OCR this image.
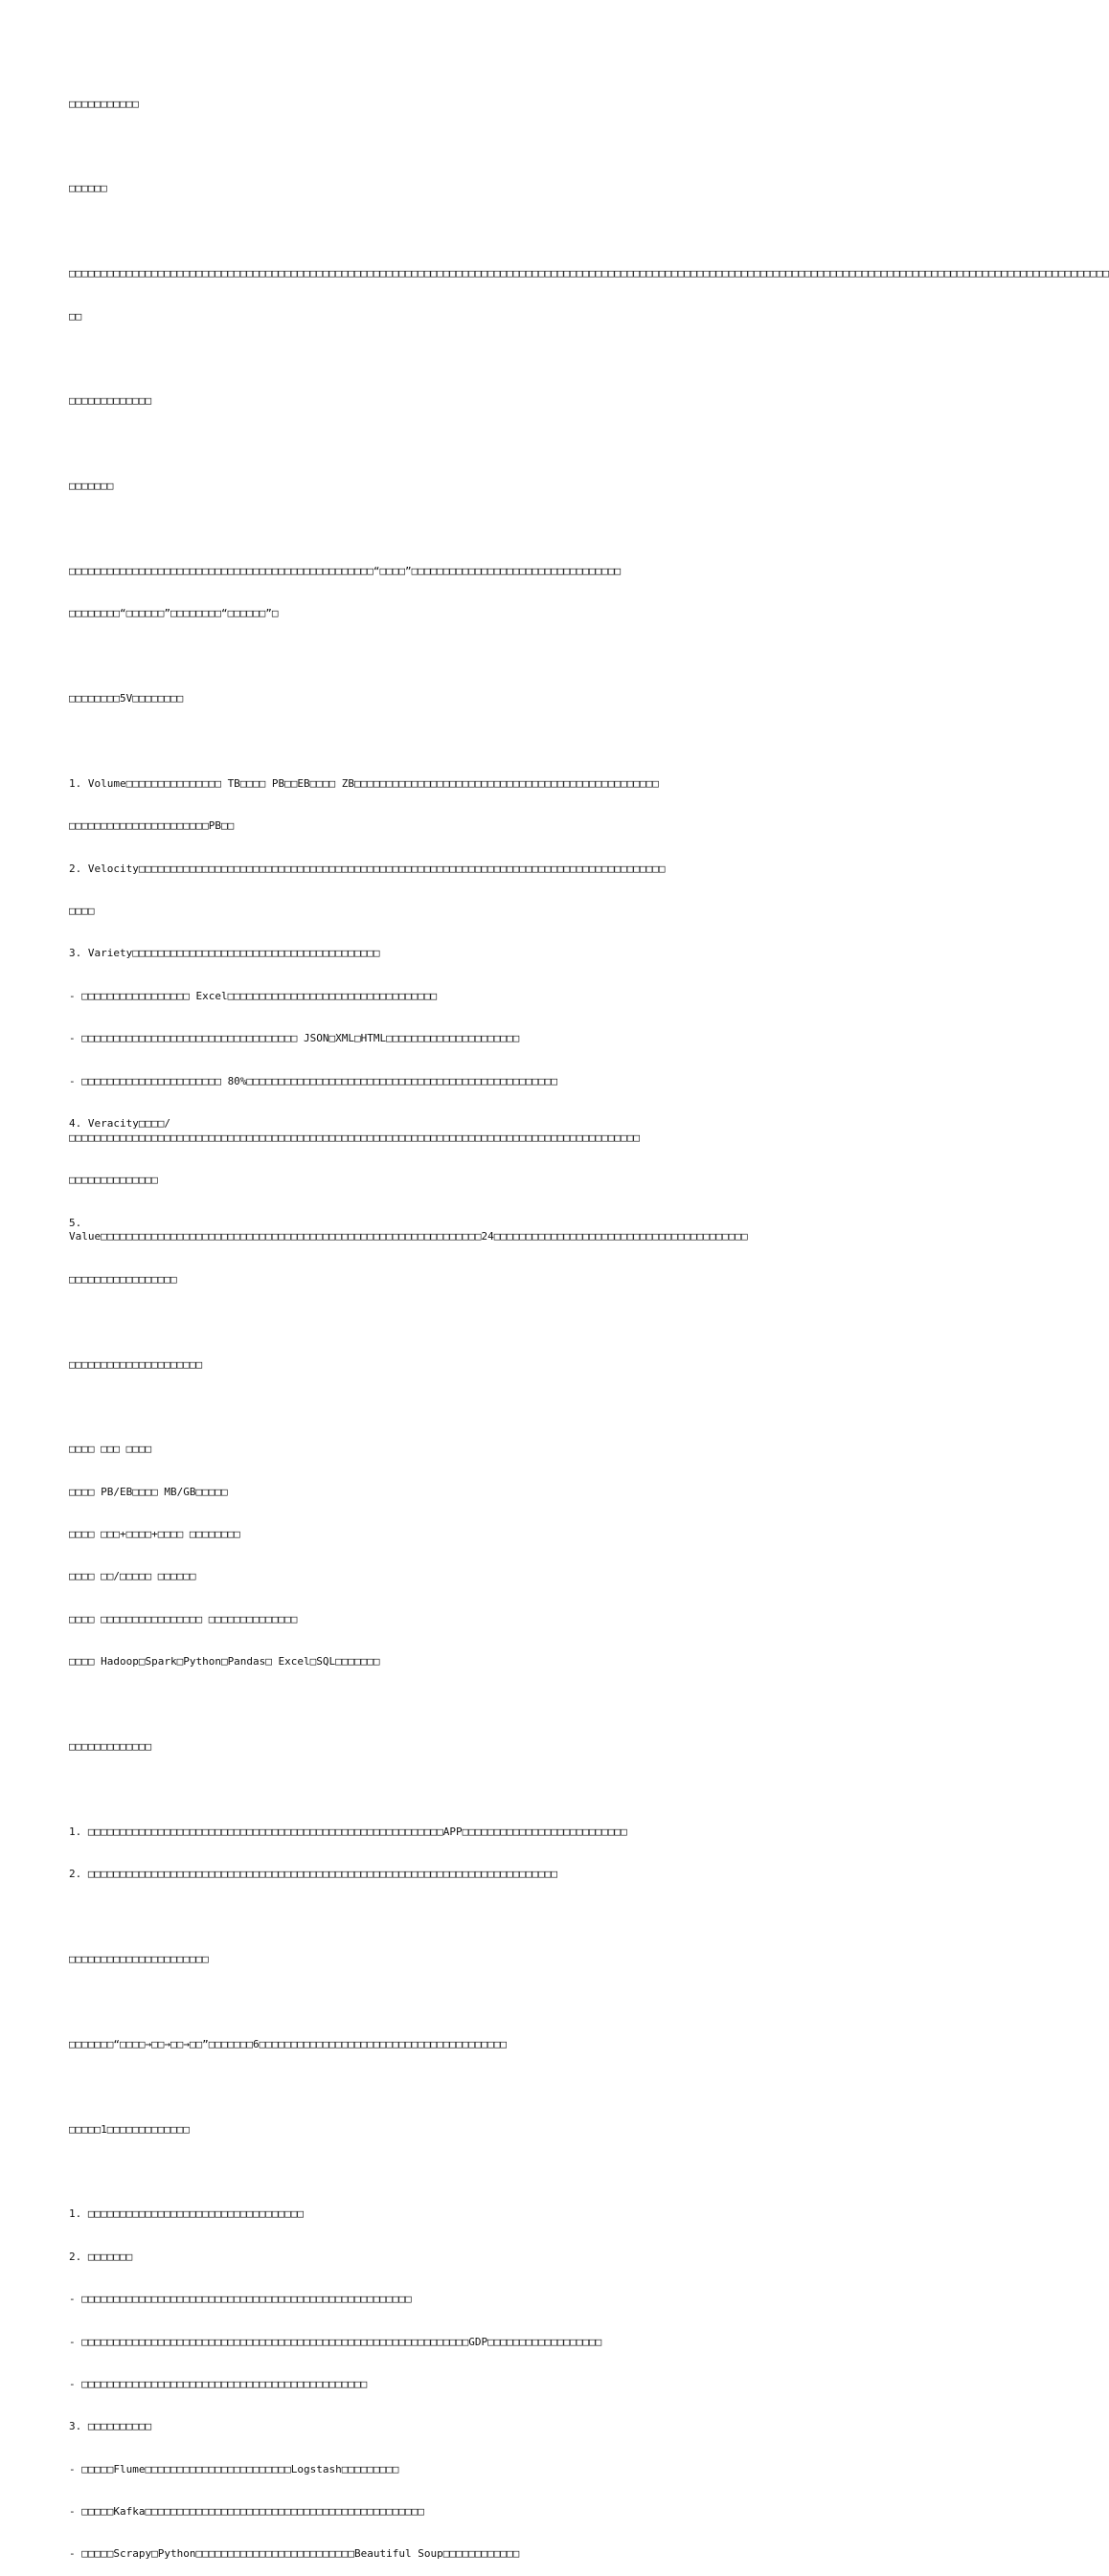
□□□□□□□□□□□

□□□□□□

□□□□□□□□□□□□□□□□□□□□□□□□□□□□□□□□□□□□□□□□□□□□□□□□□□□□□□□□□□□□□□□□□□□□□□□□□□□□□□□□□□□□□□□□□□□□□□□□□□□□□□□□□□□□□□□□□□□□□□□□□□□□□□□□□□□□□□□□□□□□□□□□□□□□□□□□□□□□□□□□□□□□

□□

□□□□□□□□□□□□□

□□□□□□□

□□□□□□□□□□□□□□□□□□□□□□□□□□□□□□□□□□□□□□□□□□□□□□□□“□□□□”□□□□□□□□□□□□□□□□□□□□□□□□□□□□□□□□□

□□□□□□□□“□□□□□□”□□□□□□□□“□□□□□□”□

□□□□□□□□5V□□□□□□□□

1. Volume□□□□□□□□□□□□□□□ TB□□□□ PB□□EB□□□□ ZB□□□□□□□□□□□□□□□□□□□□□□□□□□□□□□□□□□□□□□□□□□□□□□□□

□□□□□□□□□□□□□□□□□□□□□□PB□□

2. Velocity□□□□□□□□□□□□□□□□□□□□□□□□□□□□□□□□□□□□□□□□□□□□□□□□□□□□□□□□□□□□□□□□□□□□□□□□□□□□□□□□□□□

□□□□

3. Variety□□□□□□□□□□□□□□□□□□□□□□□□□□□□□□□□□□□□□□□

- □□□□□□□□□□□□□□□□□ Excel□□□□□□□□□□□□□□□□□□□□□□□□□□□□□□□□□

- □□□□□□□□□□□□□□□□□□□□□□□□□□□□□□□□□□ JSON□XML□HTML□□□□□□□□□□□□□□□□□□□□□

- □□□□□□□□□□□□□□□□□□□□□□ 80%□□□□□□□□□□□□□□□□□□□□□□□□□□□□□□□□□□□□□□□□□□□□□□□□□

4. Veracity□□□□/□□□□□□□□□□□□□□□□□□□□□□□□□□□□□□□□□□□□□□□□□□□□□□□□□□□□□□□□□□□□□□□□□□□□□□□□□□□□□□□□□□□□□□□□□□

□□□□□□□□□□□□□□

5. Value□□□□□□□□□□□□□□□□□□□□□□□□□□□□□□□□□□□□□□□□□□□□□□□□□□□□□□□□□□□□24□□□□□□□□□□□□□□□□□□□□□□□□□□□□□□□□□□□□□□□□

□□□□□□□□□□□□□□□□□

□□□□□□□□□□□□□□□□□□□□□

□□□□ □□□ □□□□

□□□□ PB/EB□□□□ MB/GB□□□□□

□□□□ □□□+□□□□+□□□□ □□□□□□□□

□□□□ □□/□□□□□ □□□□□□

□□□□ □□□□□□□□□□□□□□□□ □□□□□□□□□□□□□□

□□□□ Hadoop□Spark□Python□Pandas□ Excel□SQL□□□□□□□

□□□□□□□□□□□□□

1. □□□□□□□□□□□□□□□□□□□□□□□□□□□□□□□□□□□□□□□□□□□□□□□□□□□□□□□□APP□□□□□□□□□□□□□□□□□□□□□□□□□□

2. □□□□□□□□□□□□□□□□□□□□□□□□□□□□□□□□□□□□□□□□□□□□□□□□□□□□□□□□□□□□□□□□□□□□□□□□□□

□□□□□□□□□□□□□□□□□□□□□□

□□□□□□□“□□□□→□□→□□→□□”□□□□□□□6□□□□□□□□□□□□□□□□□□□□□□□□□□□□□□□□□□□□□□□

□□□□□1□□□□□□□□□□□□□

1. □□□□□□□□□□□□□□□□□□□□□□□□□□□□□□□□□□

2. □□□□□□□

- □□□□□□□□□□□□□□□□□□□□□□□□□□□□□□□□□□□□□□□□□□□□□□□□□□□□

- □□□□□□□□□□□□□□□□□□□□□□□□□□□□□□□□□□□□□□□□□□□□□□□□□□□□□□□□□□□□□GDP□□□□□□□□□□□□□□□□□□

- □□□□□□□□□□□□□□□□□□□□□□□□□□□□□□□□□□□□□□□□□□□□□

3. □□□□□□□□□□

- □□□□□Flume□□□□□□□□□□□□□□□□□□□□□□□Logstash□□□□□□□□□

- □□□□□Kafka□□□□□□□□□□□□□□□□□□□□□□□□□□□□□□□□□□□□□□□□□□□□

- □□□□□Scrapy□Python□□□□□□□□□□□□□□□□□□□□□□□□□Beautiful Soup□□□□□□□□□□□□
